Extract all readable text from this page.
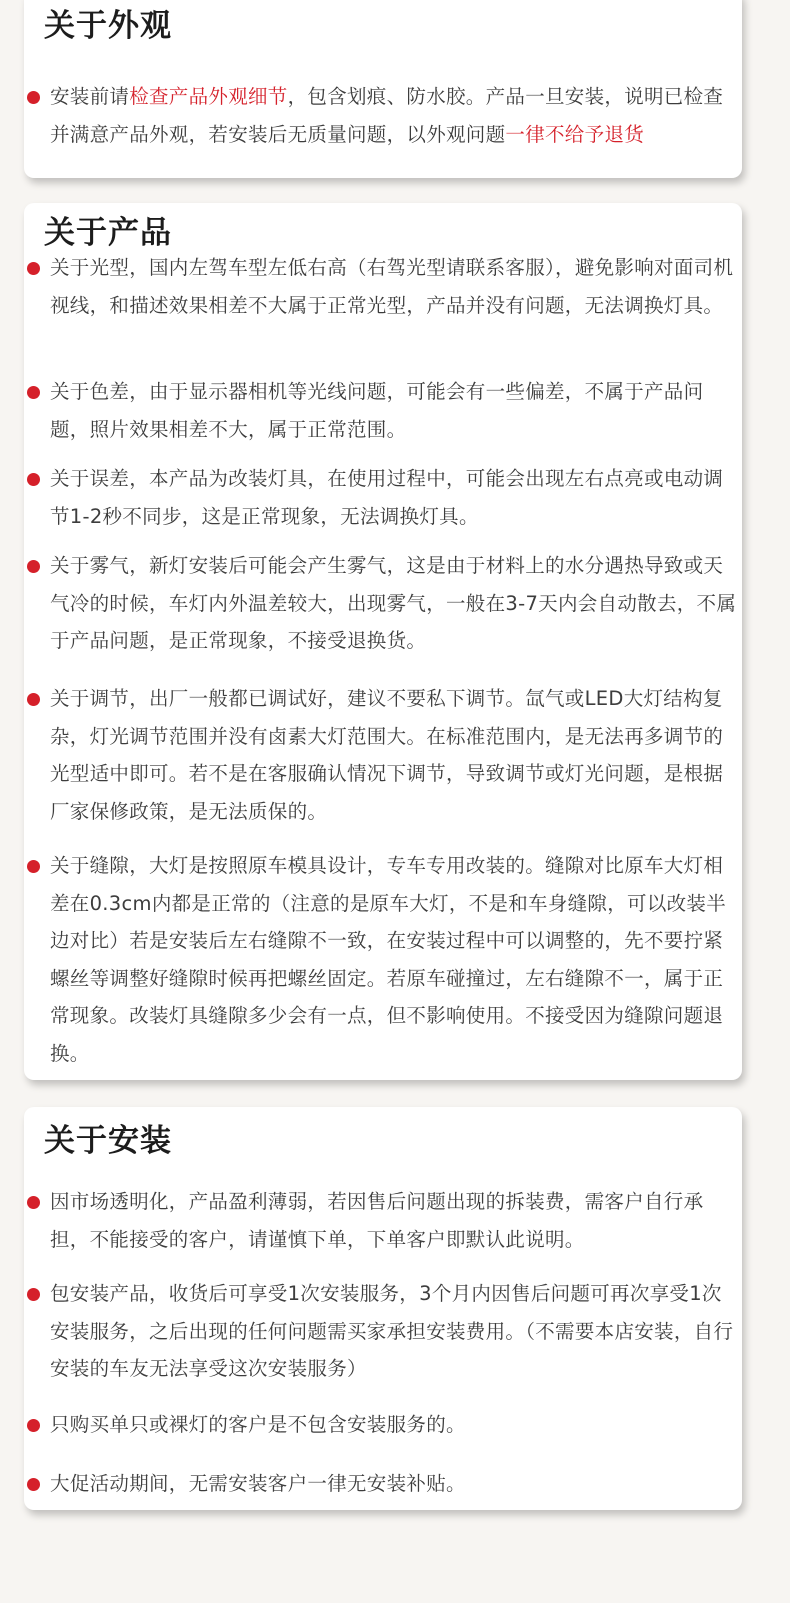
关于外观
安装前请检查产品外观细节，包含划痕、防水胶。产品一旦安装，说明已检查并满意产品外观，若安装后无质量问题，以外观问题一律不给予退货
关于产品
关于光型，国内左驾车型左低右高（右驾光型请联系客服），避免影响对面司机视线，和描述效果相差不大属于正常光型，产品并没有问题，无法调换灯具。
关于色差，由于显示器相机等光线问题，可能会有一些偏差，不属于产品问题，照片效果相差不大，属于正常范围。
关于误差，本产品为改装灯具，在使用过程中，可能会出现左右点亮或电动调节1-2秒不同步，这是正常现象，无法调换灯具。
关于雾气，新灯安装后可能会产生雾气，这是由于材料上的水分遇热导致或天气冷的时候，车灯内外温差较大，出现雾气，一般在3-7天内会自动散去，不属于产品问题，是正常现象，不接受退换货。
关于调节，出厂一般都已调试好，建议不要私下调节。氙气或LED大灯结构复杂，灯光调节范围并没有卤素大灯范围大。在标准范围内，是无法再多调节的光型适中即可。若不是在客服确认情况下调节，导致调节或灯光问题，是根据厂家保修政策，是无法质保的。
关于缝隙，大灯是按照原车模具设计，专车专用改装的。缝隙对比原车大灯相差在0.3cm内都是正常的（注意的是原车大灯，不是和车身缝隙，可以改装半边对比）若是安装后左右缝隙不一致，在安装过程中可以调整的，先不要拧紧螺丝等调整好缝隙时候再把螺丝固定。若原车碰撞过，左右缝隙不一，属于正常现象。改装灯具缝隙多少会有一点，但不影响使用。不接受因为缝隙问题退换。
关于安装
因市场透明化，产品盈利薄弱，若因售后问题出现的拆装费，需客户自行承担，不能接受的客户，请谨慎下单，下单客户即默认此说明。
包安装产品，收货后可享受1次安装服务，3个月内因售后问题可再次享受1次安装服务，之后出现的任何问题需买家承担安装费用。（不需要本店安装，自行安装的车友无法享受这次安装服务）
只购买单只或裸灯的客户是不包含安装服务的。
大促活动期间，无需安装客户一律无安装补贴。
